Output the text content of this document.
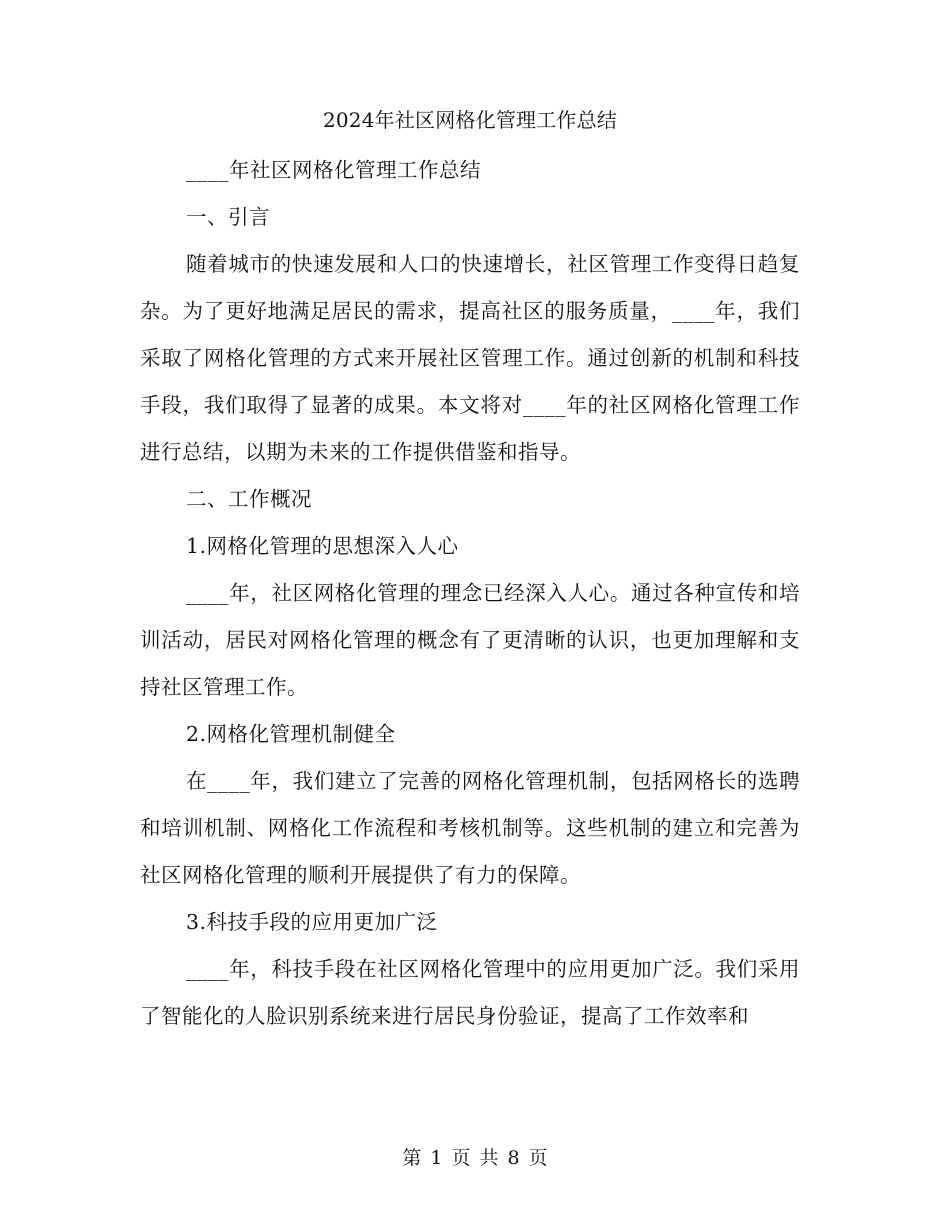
2024年社区网格化管理工作总结

____年社区网格化管理工作总结

一、引言

随着城市的快速发展和人口的快速增长，社区管理工作变得日趋复杂。为了更好地满足居民的需求，提高社区的服务质量，____年，我们采取了网格化管理的方式来开展社区管理工作。通过创新的机制和科技手段，我们取得了显著的成果。本文将对____年的社区网格化管理工作进行总结，以期为未来的工作提供借鉴和指导。

二、工作概况

1.网格化管理的思想深入人心

____年，社区网格化管理的理念已经深入人心。通过各种宣传和培训活动，居民对网格化管理的概念有了更清晰的认识，也更加理解和支持社区管理工作。

2.网格化管理机制健全

在____年，我们建立了完善的网格化管理机制，包括网格长的选聘和培训机制、网格化工作流程和考核机制等。这些机制的建立和完善为社区网格化管理的顺利开展提供了有力的保障。

3.科技手段的应用更加广泛

____年，科技手段在社区网格化管理中的应用更加广泛。我们采用了智能化的人脸识别系统来进行居民身份验证，提高了工作效率和

第 1 页 共 8 页
